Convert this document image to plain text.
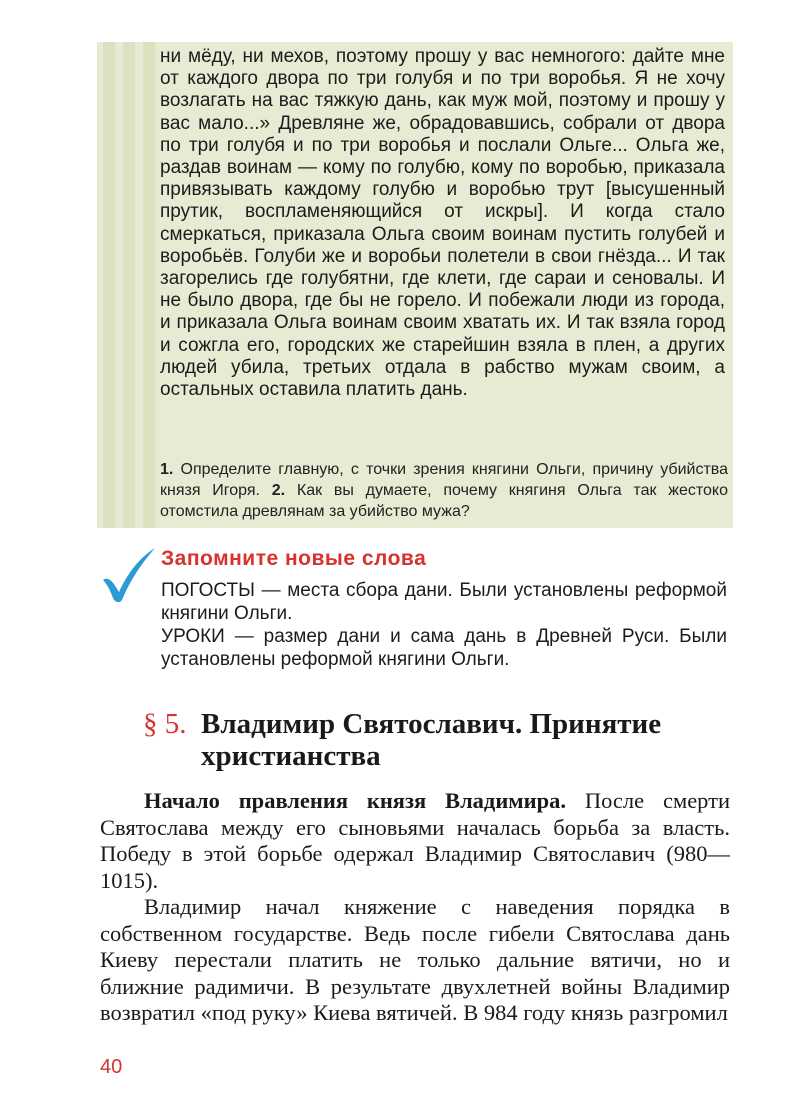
ни мёду, ни мехов, поэтому прошу у вас немногого: дайте мне от каждого двора по три голубя и по три воробья. Я не хочу возлагать на вас тяжкую дань, как муж мой, поэтому и прошу у вас мало...» Древляне же, обрадовавшись, собрали от двора по три голубя и по три воробья и послали Ольге... Ольга же, раздав воинам — кому по голубю, кому по воробью, приказала привязывать каждому голубю и воробью трут [высушенный прутик, воспламеняющийся от искры]. И когда стало смеркаться, приказала Ольга своим воинам пустить голубей и воробьёв. Голуби же и воробьи полетели в свои гнёзда... И так загорелись где голубятни, где клети, где сараи и сеновалы. И не было двора, где бы не горело. И побежали люди из города, и приказала Ольга воинам своим хватать их. И так взяла город и сожгла его, городских же старейшин взяла в плен, а других людей убила, третьих отдала в рабство мужам своим, а остальных оставила платить дань.

1. Определите главную, с точки зрения княгини Ольги, причину убийства князя Игоря. 2. Как вы думаете, почему княгиня Ольга так жестоко отомстила древлянам за убийство мужа?
Запомните новые слова

ПОГОСТЫ — места сбора дани. Были установлены реформой княгини Ольги.

УРОКИ — размер дани и сама дань в Древней Руси. Были установлены реформой княгини Ольги.

§ 5. Владимир Святославич. Принятие христианства

Начало правления князя Владимира. После смерти Святослава между его сыновьями началась борьба за власть. Победу в этой борьбе одержал Владимир Святославич (980—1015).

Владимир начал княжение с наведения порядка в собственном государстве. Ведь после гибели Святослава дань Киеву перестали платить не только дальние вятичи, но и ближние радимичи. В результате двухлетней войны Владимир возвратил «под руку» Киева вятичей. В 984 году князь разгромил

40
